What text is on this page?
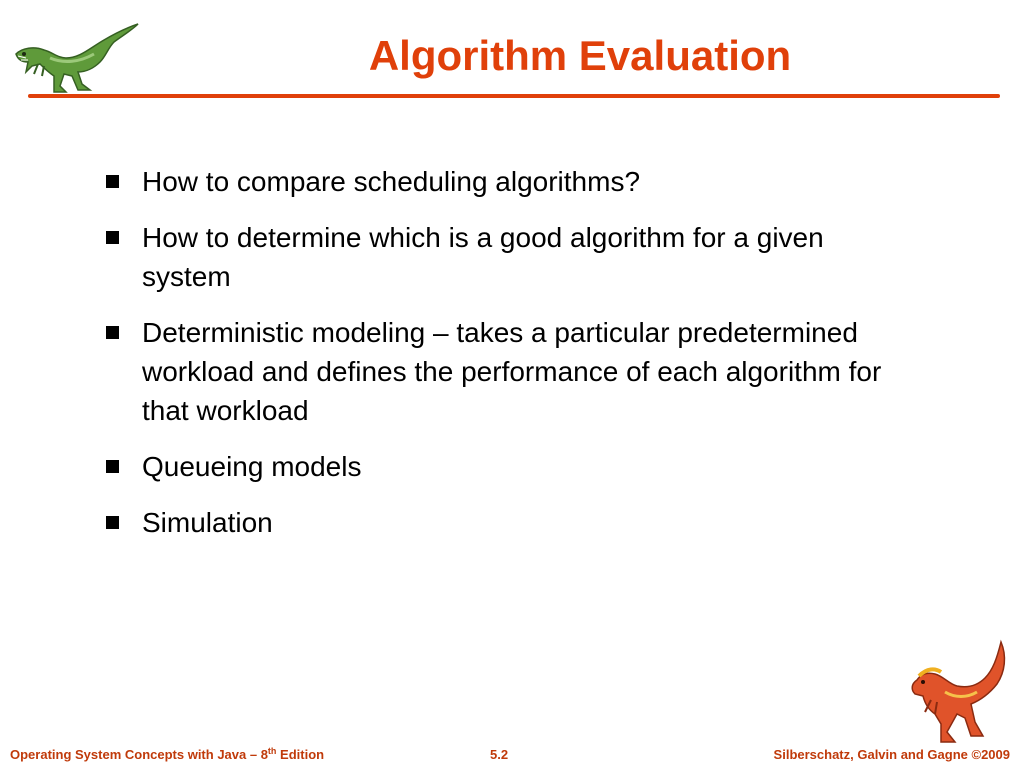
Algorithm Evaluation
How to compare scheduling algorithms?
How to determine which is a good algorithm for a given system
Deterministic modeling – takes a particular predetermined workload and defines the performance of each algorithm for that workload
Queueing models
Simulation
Operating System Concepts with Java – 8th Edition	5.2	Silberschatz, Galvin and Gagne ©2009
